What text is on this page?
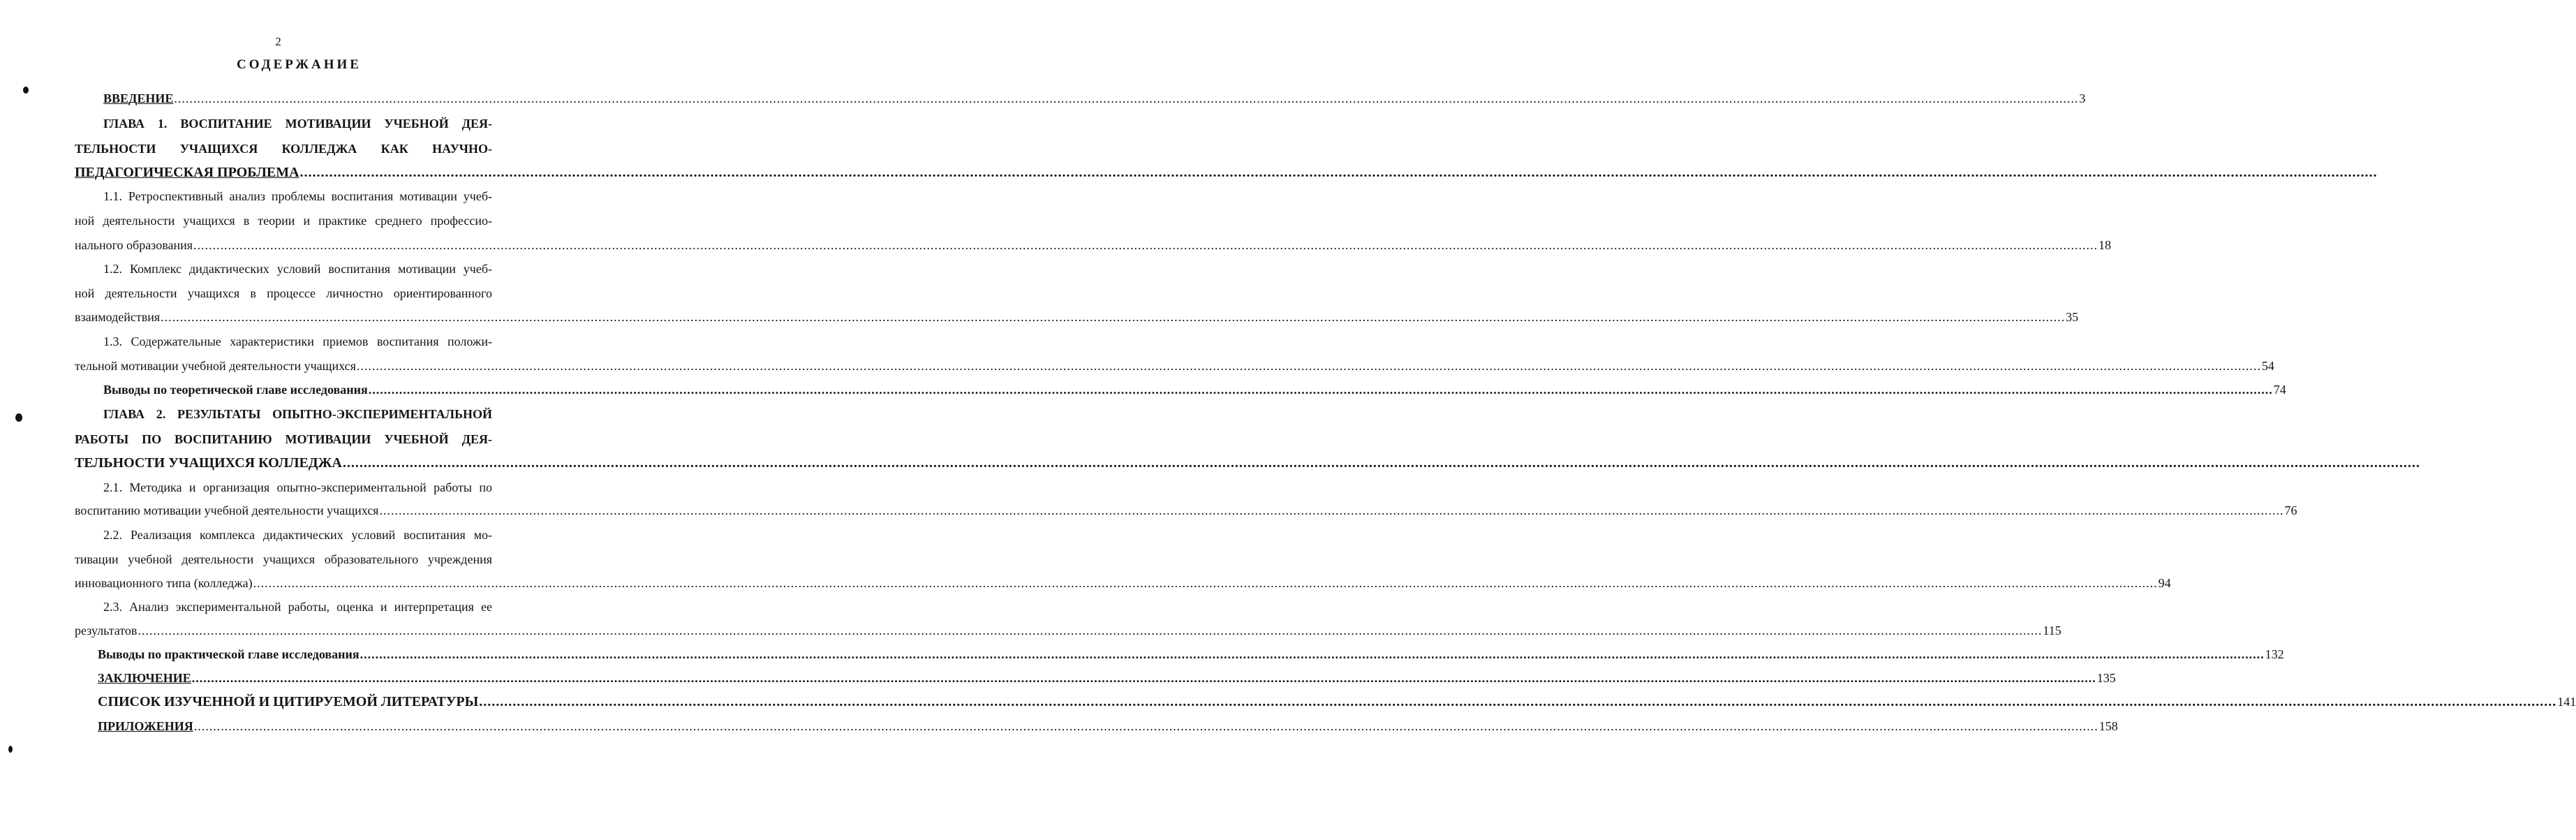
2
СОДЕРЖАНИЕ
ВВЕДЕНИЕ ................................................................................................................................................................................................................................................................................................................................................................................................................................................................................................................ 3
ГЛАВА 1. ВОСПИТАНИЕ МОТИВАЦИИ УЧЕБНОЙ ДЕЯ-
ТЕЛЬНОСТИ УЧАЩИХСЯ КОЛЛЕДЖА КАК НАУЧНО-
ПЕДАГОГИЧЕСКАЯ ПРОБЛЕМА ................................................................................................................................................................................................................................................................................................................................................................................................................................................................................................................
1.1. Ретроспективный анализ проблемы воспитания мотивации учеб-
ной деятельности учащихся в теории и практике среднего профессио-
нального образования ................................................................................................................................................................................................................................................................................................................................................................................................................................................................................................................ 18
1.2. Комплекс дидактических условий воспитания мотивации учеб-
ной деятельности учащихся в процессе личностно ориентированного
взаимодействия ................................................................................................................................................................................................................................................................................................................................................................................................................................................................................................................ 35
1.3. Содержательные характеристики приемов воспитания положи-
тельной мотивации учебной деятельности учащихся ................................................................................................................................................................................................................................................................................................................................................................................................................................................................................................................ 54
Выводы по теоретической главе исследования ................................................................................................................................................................................................................................................................................................................................................................................................................................................................................................................ 74
ГЛАВА 2. РЕЗУЛЬТАТЫ ОПЫТНО-ЭКСПЕРИМЕНТАЛЬНОЙ
РАБОТЫ ПО ВОСПИТАНИЮ МОТИВАЦИИ УЧЕБНОЙ ДЕЯ-
ТЕЛЬНОСТИ УЧАЩИХСЯ КОЛЛЕДЖА ................................................................................................................................................................................................................................................................................................................................................................................................................................................................................................................
2.1. Методика и организация опытно-экспериментальной работы по
воспитанию мотивации учебной деятельности учащихся ................................................................................................................................................................................................................................................................................................................................................................................................................................................................................................................ 76
2.2. Реализация комплекса дидактических условий воспитания мо-
тивации учебной деятельности учащихся образовательного учреждения
инновационного типа (колледжа) ................................................................................................................................................................................................................................................................................................................................................................................................................................................................................................................ 94
2.3. Анализ экспериментальной работы, оценка и интерпретация ее
результатов ................................................................................................................................................................................................................................................................................................................................................................................................................................................................................................................ 115
Выводы по практической главе исследования ................................................................................................................................................................................................................................................................................................................................................................................................................................................................................................................ 132
ЗАКЛЮЧЕНИЕ ................................................................................................................................................................................................................................................................................................................................................................................................................................................................................................................ 135
СПИСОК ИЗУЧЕННОЙ И ЦИТИРУЕМОЙ ЛИТЕРАТУРЫ ................................................................................................................................................................................................................................................................................................................................................................................................................................................................................................................ 141
ПРИЛОЖЕНИЯ ................................................................................................................................................................................................................................................................................................................................................................................................................................................................................................................ 158
